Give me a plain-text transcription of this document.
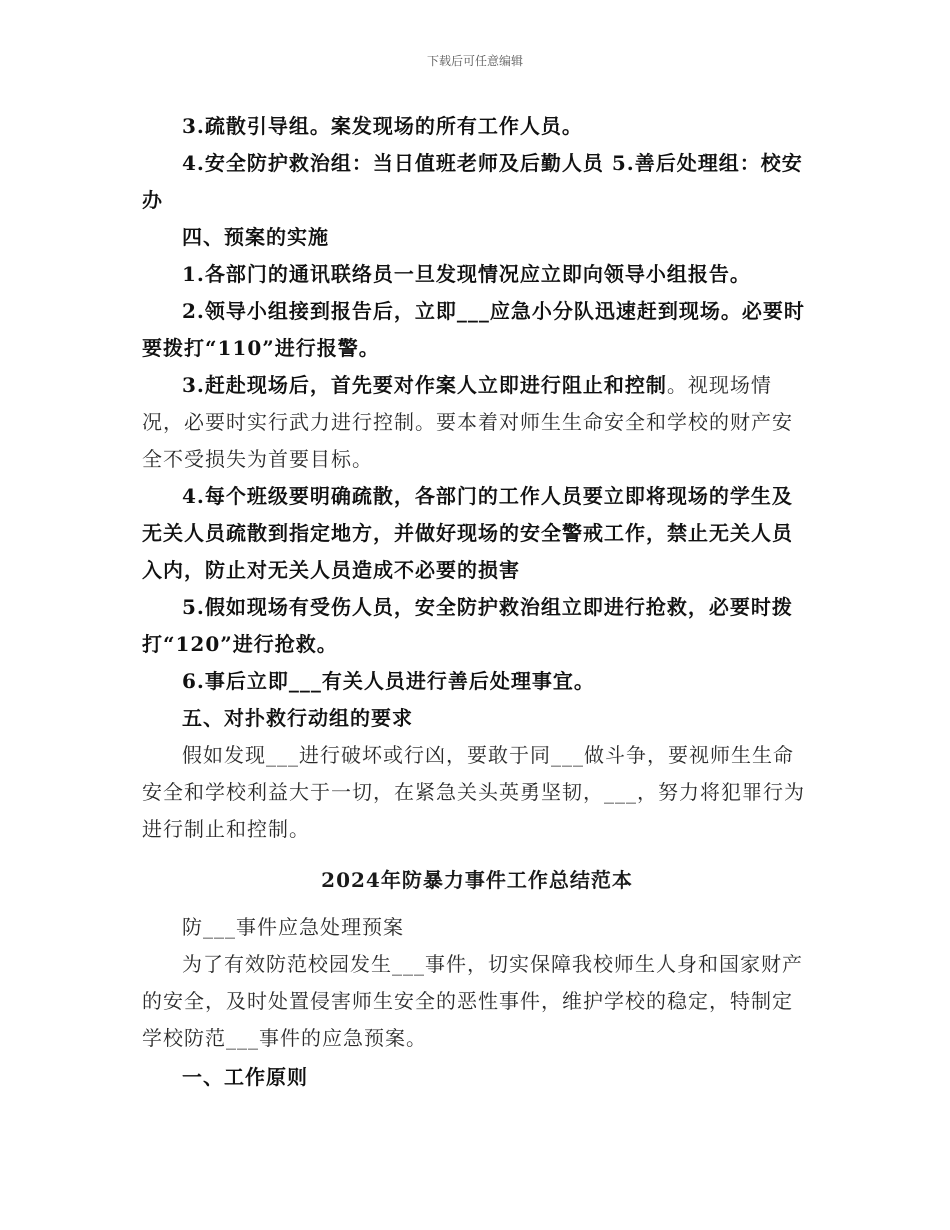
下载后可任意编辑

3.疏散引导组。案发现场的所有工作人员。

4.安全防护救治组：当日值班老师及后勤人员 5.善后处理组：校安办

四、预案的实施

1.各部门的通讯联络员一旦发现情况应立即向领导小组报告。

2.领导小组接到报告后，立即___应急小分队迅速赶到现场。必要时要拨打“110”进行报警。

3.赶赴现场后，首先要对作案人立即进行阻止和控制。视现场情况，必要时实行武力进行控制。要本着对师生生命安全和学校的财产安全不受损失为首要目标。

4.每个班级要明确疏散，各部门的工作人员要立即将现场的学生及无关人员疏散到指定地方，并做好现场的安全警戒工作，禁止无关人员入内，防止对无关人员造成不必要的损害

5.假如现场有受伤人员，安全防护救治组立即进行抢救，必要时拨打“120”进行抢救。

6.事后立即___有关人员进行善后处理事宜。

五、对扑救行动组的要求

假如发现___进行破坏或行凶，要敢于同___做斗争，要视师生生命安全和学校利益大于一切，在紧急关头英勇坚韧，___，努力将犯罪行为进行制止和控制。

2024年防暴力事件工作总结范本

防___事件应急处理预案

为了有效防范校园发生___事件，切实保障我校师生人身和国家财产的安全，及时处置侵害师生安全的恶性事件，维护学校的稳定，特制定学校防范___事件的应急预案。

一、工作原则
